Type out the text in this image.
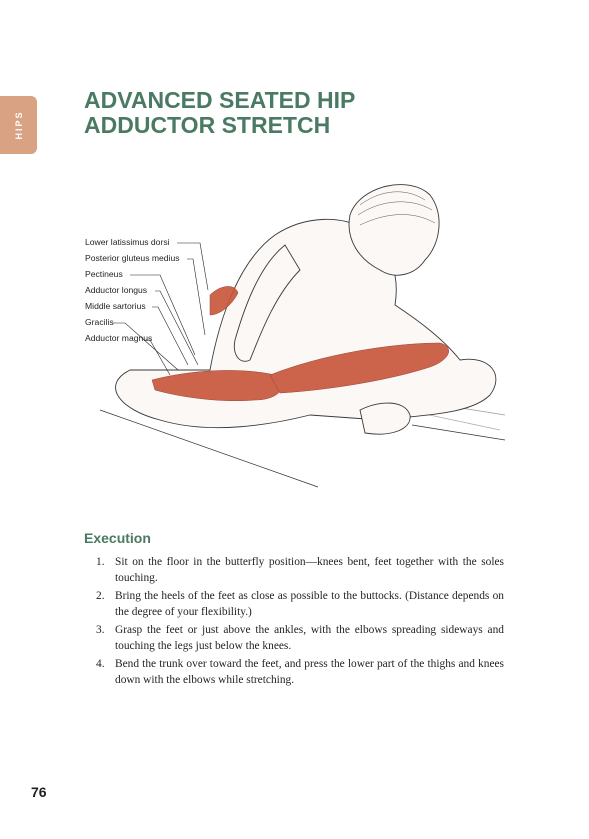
HIPS
ADVANCED SEATED HIP
ADDUCTOR STRETCH
Lower latissimus dorsi
Posterior gluteus medius
Pectineus
Adductor longus
Middle sartorius
Gracilis
Adductor magnus
Execution
1. Sit on the floor in the butterfly position—knees bent, feet together with the soles touching.
2. Bring the heels of the feet as close as possible to the buttocks. (Distance depends on the degree of your flexibility.)
3. Grasp the feet or just above the ankles, with the elbows spreading sideways and touching the legs just below the knees.
4. Bend the trunk over toward the feet, and press the lower part of the thighs and knees down with the elbows while stretching.
76
